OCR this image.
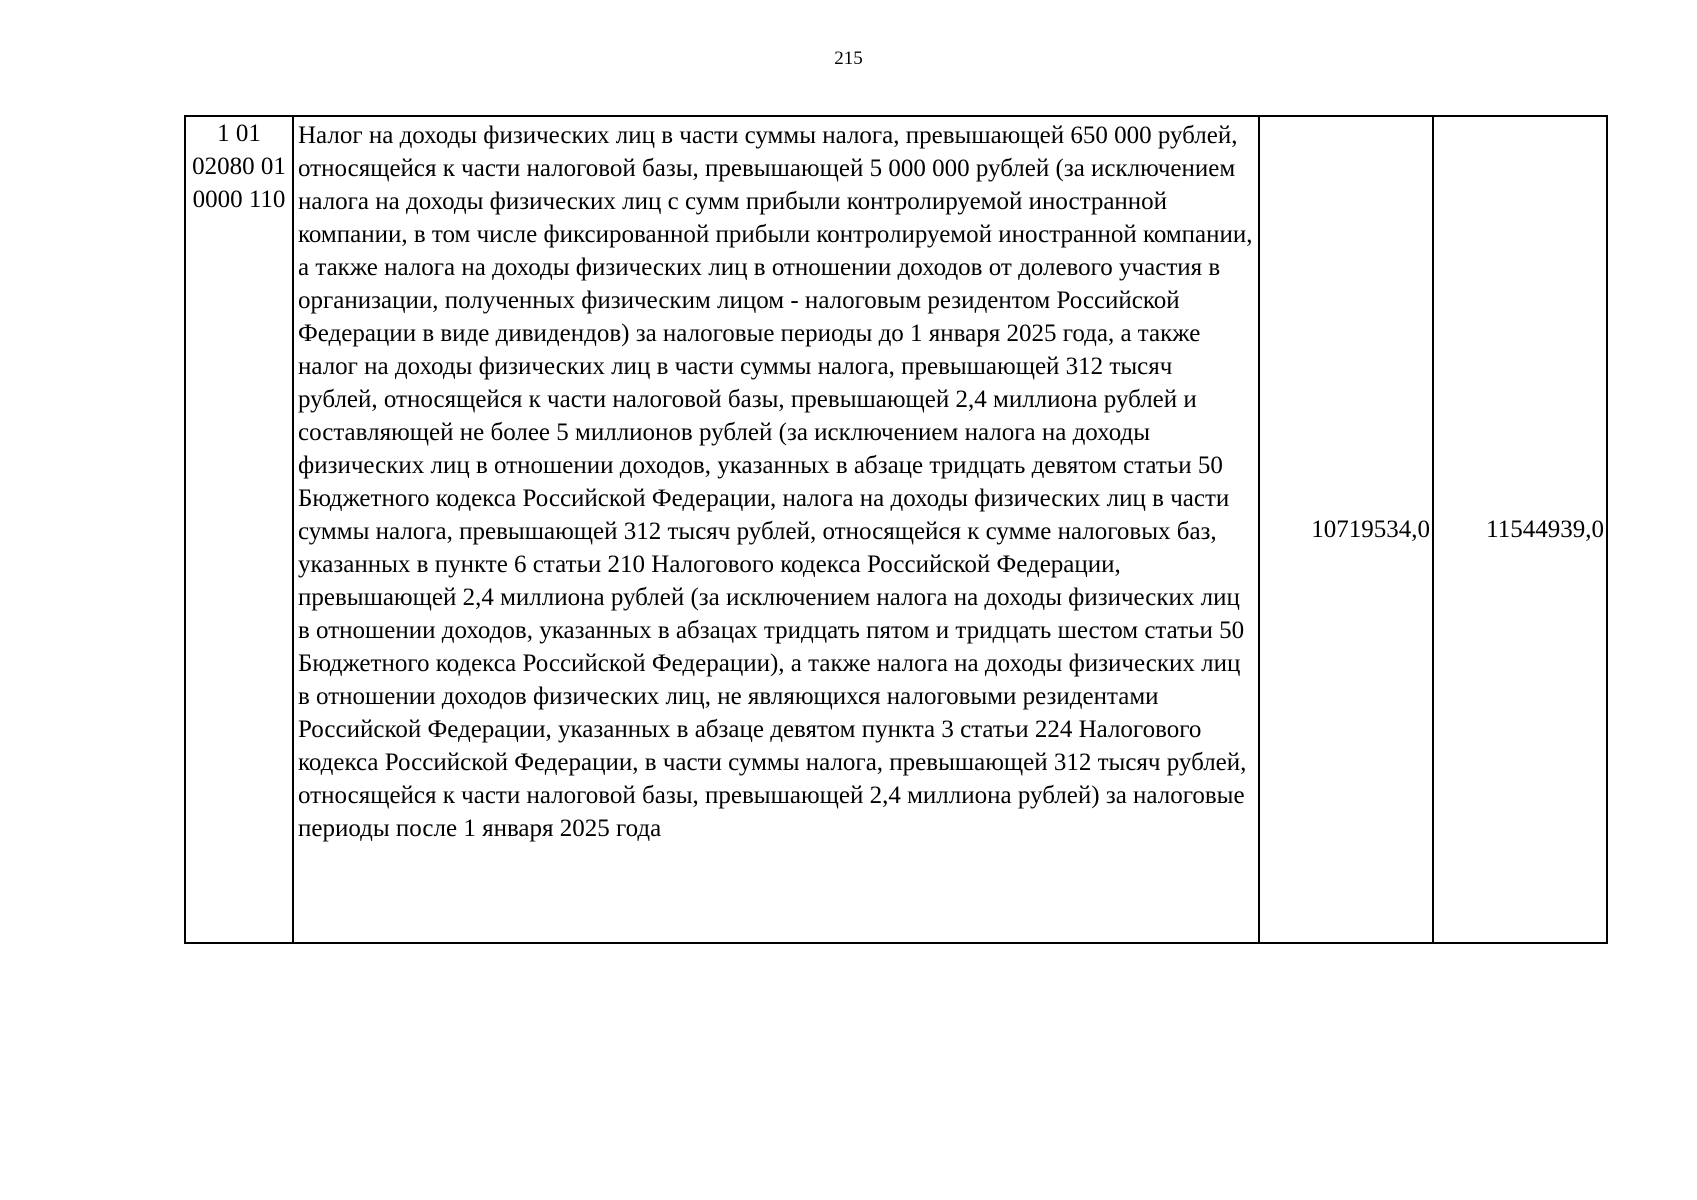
215
1 01
02080 01
0000 110
	Налог на доходы физических лиц в части суммы налога, превышающей 650 000 рублей, относящейся к части налоговой базы, превышающей 5 000 000 рублей (за исключением налога на доходы физических лиц с сумм прибыли контролируемой иностранной компании, в том числе фиксированной прибыли контролируемой иностранной компании, а также налога на доходы физических лиц в отношении доходов от долевого участия в организации, полученных физическим лицом - налоговым резидентом Российской Федерации в виде дивидендов) за налоговые периоды до 1 января 2025 года, а также налог на доходы физических лиц в части суммы налога, превышающей 312 тысяч рублей, относящейся к части налоговой базы, превышающей 2,4 миллиона рублей и составляющей не более 5 миллионов рублей (за исключением налога на доходы физических лиц в отношении доходов, указанных в абзаце тридцать девятом статьи 50 Бюджетного кодекса Российской Федерации, налога на доходы физических лиц в части суммы налога, превышающей 312 тысяч рублей, относящейся к сумме налоговых баз, указанных в пункте 6 статьи 210 Налогового кодекса Российской Федерации, превышающей 2,4 миллиона рублей (за исключением налога на доходы физических лиц в отношении доходов, указанных в абзацах тридцать пятом и тридцать шестом статьи 50 Бюджетного кодекса Российской Федерации), а также налога на доходы физических лиц в отношении доходов физических лиц, не являющихся налоговыми резидентами Российской Федерации, указанных в абзаце девятом пункта 3 статьи 224 Налогового кодекса Российской Федерации, в части суммы налога, превышающей 312 тысяч рублей, относящейся к части налоговой базы, превышающей 2,4 миллиона рублей) за налоговые периоды после 1 января 2025 года	10719534,0	11544939,0
